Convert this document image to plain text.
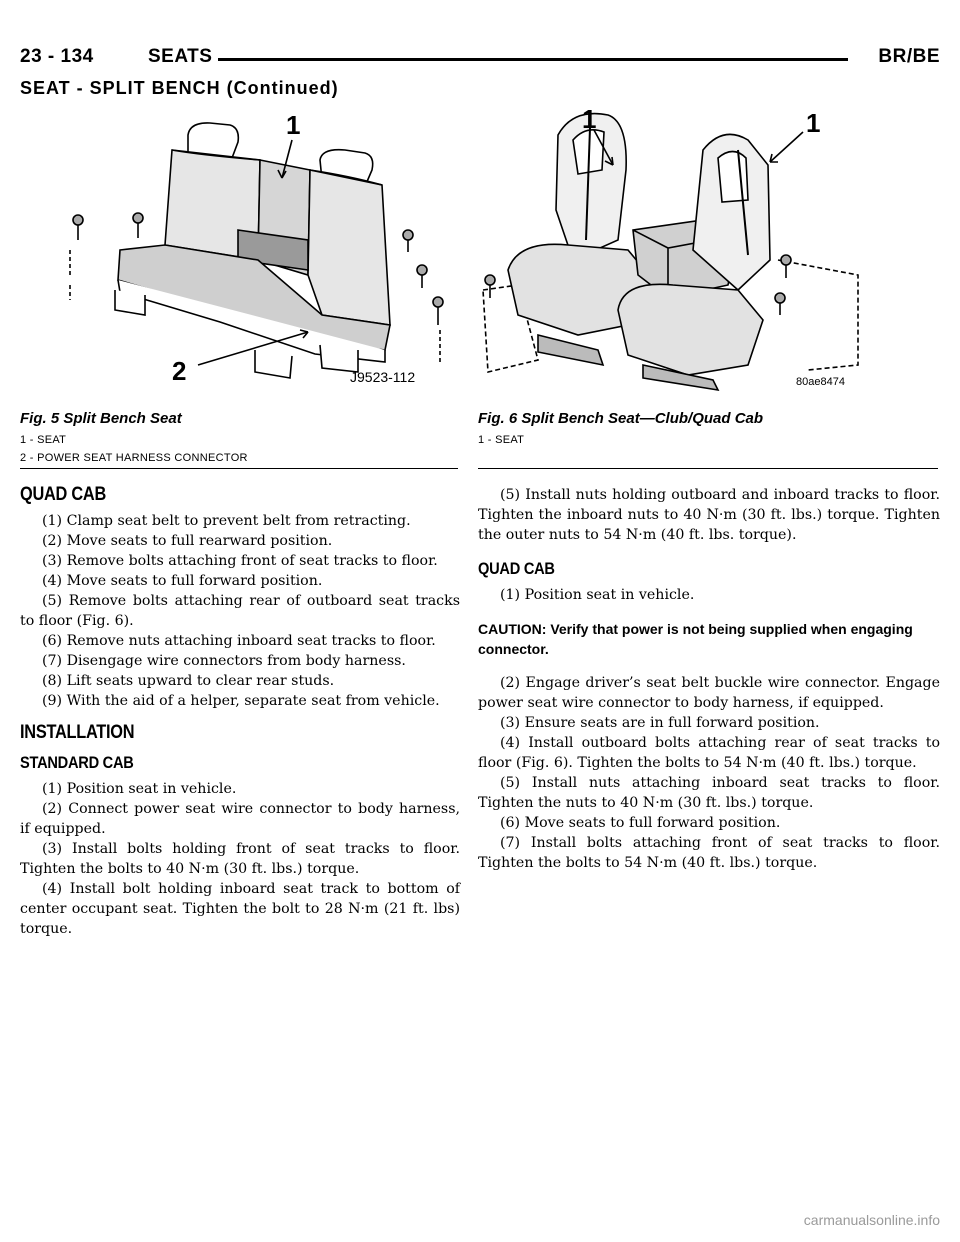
23 - 134	SEATS	BR/BE
SEAT - SPLIT BENCH (Continued)
1
2	J9523-112
1	1
80ae8474
Fig. 5 Split Bench Seat
1 - SEAT
2 - POWER SEAT HARNESS CONNECTOR
Fig. 6 Split Bench Seat—Club/Quad Cab
1 - SEAT
QUAD CAB

(1) Clamp seat belt to prevent belt from retracting.

(2) Move seats to full rearward position.

(3) Remove bolts attaching front of seat tracks to floor.

(4) Move seats to full forward position.

(5) Remove bolts attaching rear of outboard seat tracks to floor (Fig. 6).

(6) Remove nuts attaching inboard seat tracks to floor.

(7) Disengage wire connectors from body harness.

(8) Lift seats upward to clear rear studs.

(9) With the aid of a helper, separate seat from vehicle.

INSTALLATION
STANDARD CAB

(1) Position seat in vehicle.

(2) Connect power seat wire connector to body harness, if equipped.

(3) Install bolts holding front of seat tracks to floor. Tighten the bolts to 40 N·m (30 ft. lbs.) torque.

(4) Install bolt holding inboard seat track to bottom of center occupant seat. Tighten the bolt to 28 N·m (21 ft. lbs) torque.

(5) Install nuts holding outboard and inboard tracks to floor. Tighten the inboard nuts to 40 N·m (30 ft. lbs.) torque. Tighten the outer nuts to 54 N·m (40 ft. lbs. torque).

QUAD CAB

(1) Position seat in vehicle.

CAUTION: Verify that power is not being supplied when engaging connector.

(2) Engage driver’s seat belt buckle wire connector. Engage power seat wire connector to body harness, if equipped.

(3) Ensure seats are in full forward position.

(4) Install outboard bolts attaching rear of seat tracks to floor (Fig. 6). Tighten the bolts to 54 N·m (40 ft. lbs.) torque.

(5) Install nuts attaching inboard seat tracks to floor. Tighten the nuts to 40 N·m (30 ft. lbs.) torque.

(6) Move seats to full forward position.

(7) Install bolts attaching front of seat tracks to floor. Tighten the bolts to 54 N·m (40 ft. lbs.) torque.

carmanualsonline.info
